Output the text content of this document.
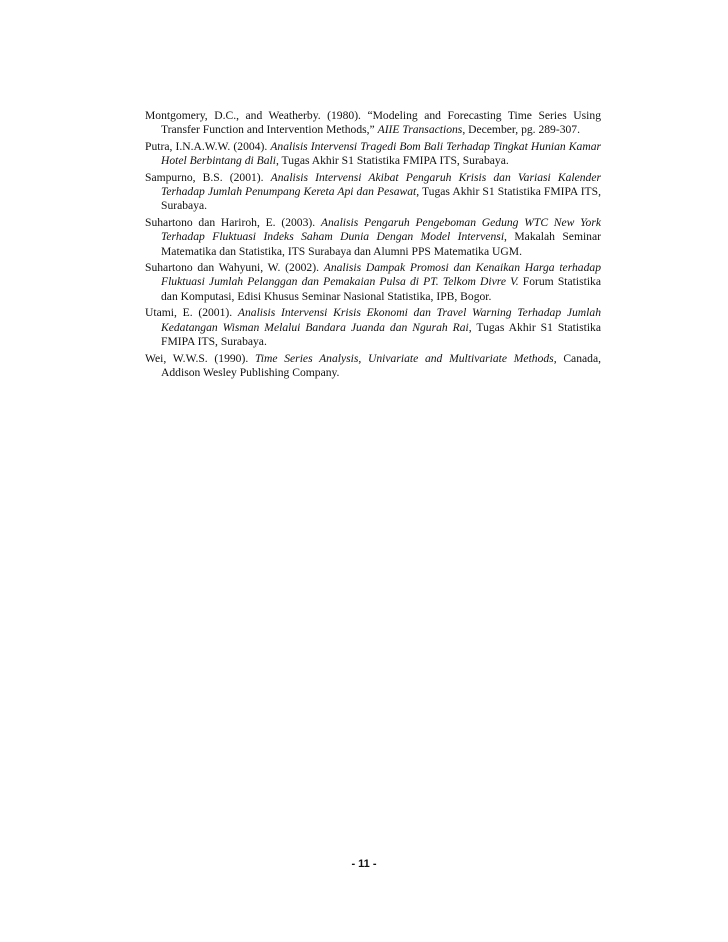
Montgomery, D.C., and Weatherby. (1980). “Modeling and Forecasting Time Series Using Transfer Function and Intervention Methods,” AIIE Transactions, December, pg. 289-307.

Putra, I.N.A.W.W. (2004). Analisis Intervensi Tragedi Bom Bali Terhadap Tingkat Hunian Kamar Hotel Berbintang di Bali, Tugas Akhir S1 Statistika FMIPA ITS, Surabaya.

Sampurno, B.S. (2001). Analisis Intervensi Akibat Pengaruh Krisis dan Variasi Kalender Terhadap Jumlah Penumpang Kereta Api dan Pesawat, Tugas Akhir S1 Statistika FMIPA ITS, Surabaya.

Suhartono dan Hariroh, E. (2003). Analisis Pengaruh Pengeboman Gedung WTC New York Terhadap Fluktuasi Indeks Saham Dunia Dengan Model Intervensi, Makalah Seminar Matematika dan Statistika, ITS Surabaya dan Alumni PPS Matematika UGM.

Suhartono dan Wahyuni, W. (2002). Analisis Dampak Promosi dan Kenaikan Harga terhadap Fluktuasi Jumlah Pelanggan dan Pemakaian Pulsa di PT. Telkom Divre V. Forum Statistika dan Komputasi, Edisi Khusus Seminar Nasional Statistika, IPB, Bogor.

Utami, E. (2001). Analisis Intervensi Krisis Ekonomi dan Travel Warning Terhadap Jumlah Kedatangan Wisman Melalui Bandara Juanda dan Ngurah Rai, Tugas Akhir S1 Statistika FMIPA ITS, Surabaya.

Wei, W.W.S. (1990). Time Series Analysis, Univariate and Multivariate Methods, Canada, Addison Wesley Publishing Company.

- 11 -
